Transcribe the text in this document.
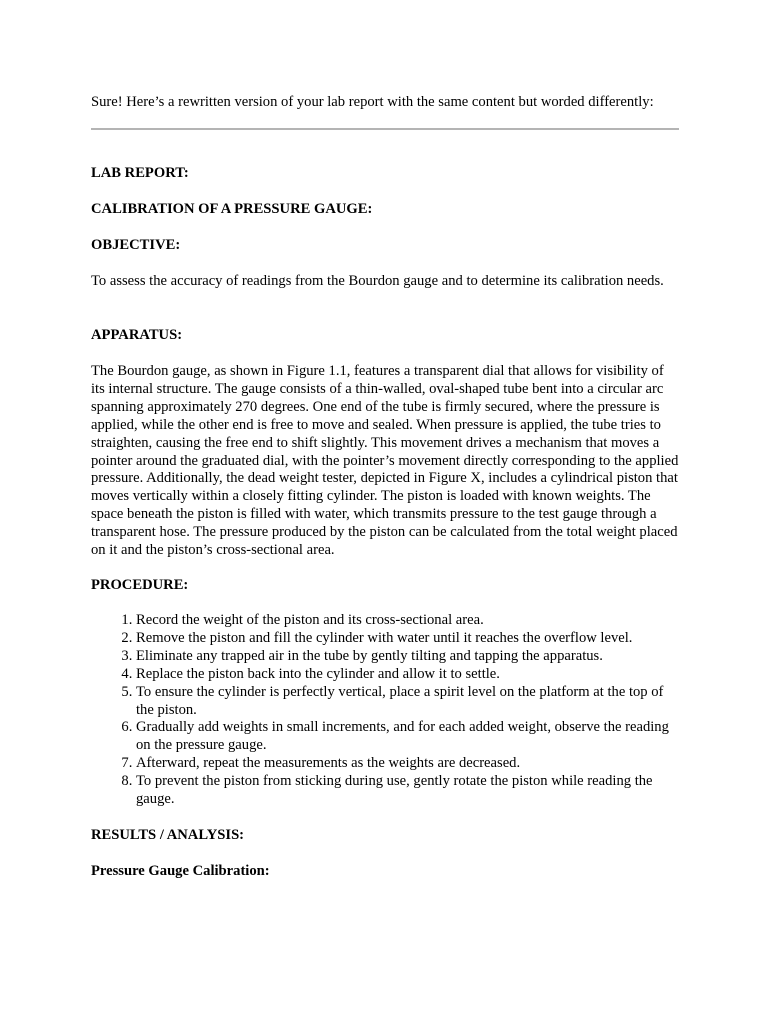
Sure! Here’s a rewritten version of your lab report with the same content but worded differently:
LAB REPORT:
CALIBRATION OF A PRESSURE GAUGE:
OBJECTIVE:

To assess the accuracy of readings from the Bourdon gauge and to determine its calibration needs.

APPARATUS:

The Bourdon gauge, as shown in Figure 1.1, features a transparent dial that allows for visibility of its internal structure. The gauge consists of a thin-walled, oval-shaped tube bent into a circular arc spanning approximately 270 degrees. One end of the tube is firmly secured, where the pressure is applied, while the other end is free to move and sealed. When pressure is applied, the tube tries to straighten, causing the free end to shift slightly. This movement drives a mechanism that moves a pointer around the graduated dial, with the pointer’s movement directly corresponding to the applied pressure. Additionally, the dead weight tester, depicted in Figure X, includes a cylindrical piston that moves vertically within a closely fitting cylinder. The piston is loaded with known weights. The space beneath the piston is filled with water, which transmits pressure to the test gauge through a transparent hose. The pressure produced by the piston can be calculated from the total weight placed on it and the piston’s cross-sectional area.

PROCEDURE:
1. Record the weight of the piston and its cross-sectional area.
2. Remove the piston and fill the cylinder with water until it reaches the overflow level.
3. Eliminate any trapped air in the tube by gently tilting and tapping the apparatus.
4. Replace the piston back into the cylinder and allow it to settle.
5. To ensure the cylinder is perfectly vertical, place a spirit level on the platform at the top of the piston.
6. Gradually add weights in small increments, and for each added weight, observe the reading on the pressure gauge.
7. Afterward, repeat the measurements as the weights are decreased.
8. To prevent the piston from sticking during use, gently rotate the piston while reading the gauge.
RESULTS / ANALYSIS:
Pressure Gauge Calibration:
